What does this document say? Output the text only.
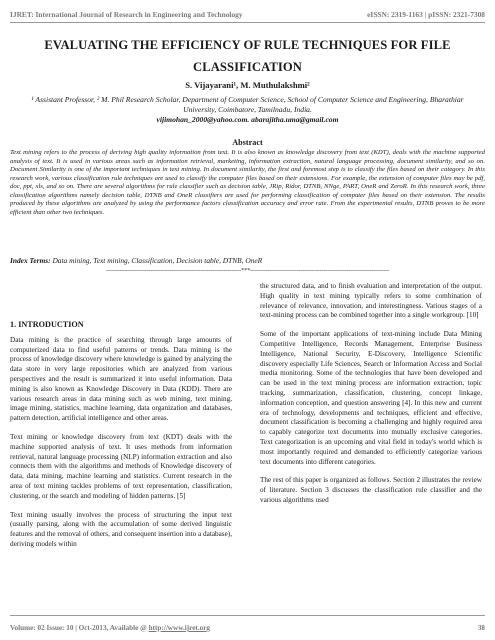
IJRET: International Journal of Research in Engineering and Technology	eISSN: 2319-1163 | pISSN: 2321-7308
EVALUATING THE EFFICIENCY OF RULE TECHNIQUES FOR FILE CLASSIFICATION
S. Vijayarani¹, M. Muthulakshmi²
¹ Assistant Professor, ² M. Phil Research Scholar, Department of Computer Science, School of Computer Science and Engineering, Bharathiar University, Coimbatore, Tamilnadu, India.
vijimohan_2000@yahoo.com. abarajitha.uma@gmail.com
Abstract
Text mining refers to the process of deriving high quality information from text. It is also known as knowledge discovery from text (KDT), deals with the machine supported analysis of text. It is used in various areas such as information retrieval, marketing, information extraction, natural language processing, document similarity, and so on. Document Similarity is one of the important techniques in text mining. In document similarity, the first and foremost step is to classify the files based on their category. In this research work, various classification rule techniques are used to classify the computer files based on their extensions. For example, the extension of computer files may be pdf, doc, ppt, xls, and so on. There are several algorithms for rule classifier such as decision table, JRip, Ridor, DTNB, NNge, PART, OneR and ZeroR. In this research work, three classification algorithms namely decision table, DTNB and OneR classifiers are used for performing classification of computer files based on their extension. The results produced by these algorithms are analyzed by using the performance factors classification accuracy and error rate. From the experimental results, DTNB proves to be more efficient than other two techniques.
Index Terms: Data mining, Text mining, Classification, Decision table, DTNB, OneR
----------------------------------------------------------------------***------------------------------------------------------------------------
1. INTRODUCTION

Data mining is the practice of searching through large amounts of computerized data to find useful patterns or trends. Data mining is the process of knowledge discovery where knowledge is gained by analyzing the data store in very large repositories which are analyzed from various perspectives and the result is summarized it into useful information. Data mining is also known as Knowledge Discovery in Data (KDD). There are various research areas in data mining such as web mining, text mining, image mining, statistics, machine learning, data organization and databases, pattern detection, artificial intelligence and other areas.

Text mining or knowledge discovery from text (KDT) deals with the machine supported analysis of text. It uses methods from information retrieval, natural language processing (NLP) information extraction and also connects them with the algorithms and methods of Knowledge discovery of data, data mining, machine learning and statistics. Current research in the area of text mining tackles problems of text representation, classification, clustering, or the search and modeling of hidden patterns. [5]

Text mining usually involves the process of structuring the input text (usually parsing, along with the accumulation of some derived linguistic features and the removal of others, and consequent insertion into a database), deriving models within

the structured data, and to finish evaluation and interpretation of the output. High quality in text mining typically refers to some combination of relevance of relevance, innovation, and interestingness. Various stages of a text-mining process can be combined together into a single workgroup. [10]

Some of the important applications of text-mining include Data Mining Competitive Intelligence, Records Management, Enterprise Business Intelligence, National Security, E-Discovery, Intelligence Scientific discovery especially Life Sciences, Search or Information Access and Social media monitoring. Some of the technologies that have been developed and can be used in the text mining process are information extraction, topic tracking, summarization, classification, clustering, concept linkage, information conception, and question answering [4]. In this new and current era of technology, developments and techniques, efficient and effective, document classification is becoming a challenging and highly required area to capably categorize text documents into mutually exclusive categories. Text categorization is an upcoming and vital field in today's world which is most importantly required and demanded to efficiently categorize various text documents into different categories.

The rest of this paper is organized as follows. Section 2 illustrates the review of literature. Section 3 discusses the classification rule classifier and the various algorithms used

Volume: 02 Issue: 10 | Oct-2013, Available @ http://www.ijret.org	38
